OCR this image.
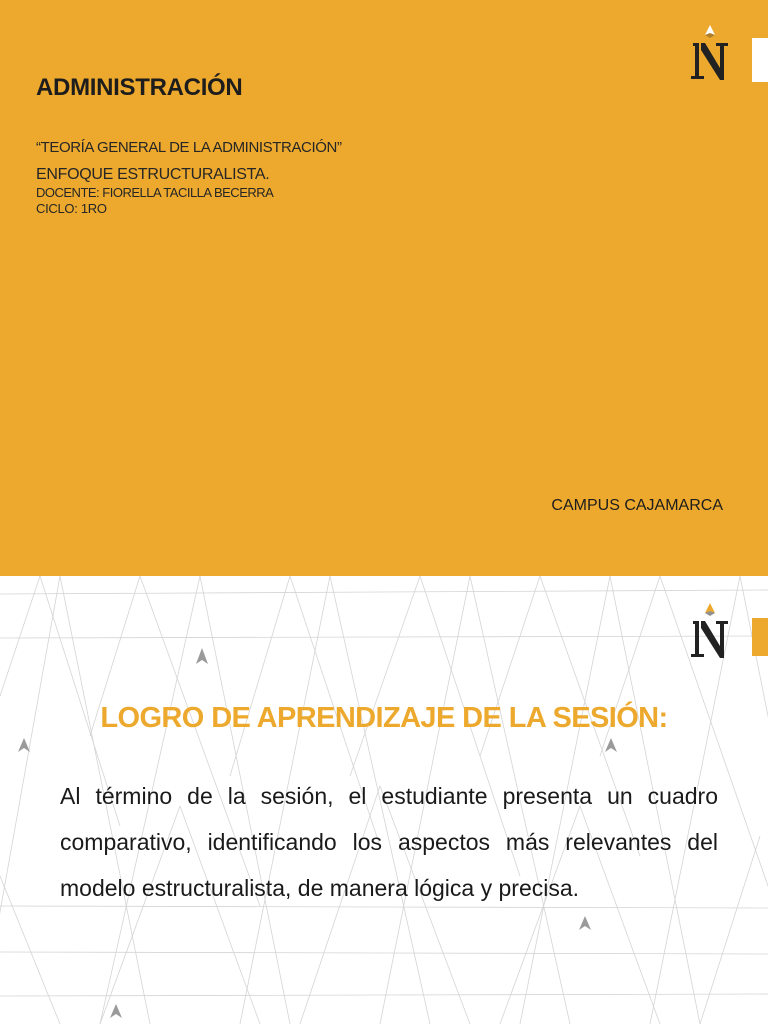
ADMINISTRACIÓN
“TEORÍA GENERAL DE LA ADMINISTRACIÓN”
ENFOQUE ESTRUCTURALISTA.
DOCENTE: FIORELLA TACILLA BECERRA
CICLO: 1RO
CAMPUS CAJAMARCA
LOGRO DE APRENDIZAJE DE LA SESIÓN:
Al término de la sesión, el estudiante presenta un cuadro comparativo, identificando los aspectos más relevantes del modelo estructuralista, de manera lógica y precisa.
